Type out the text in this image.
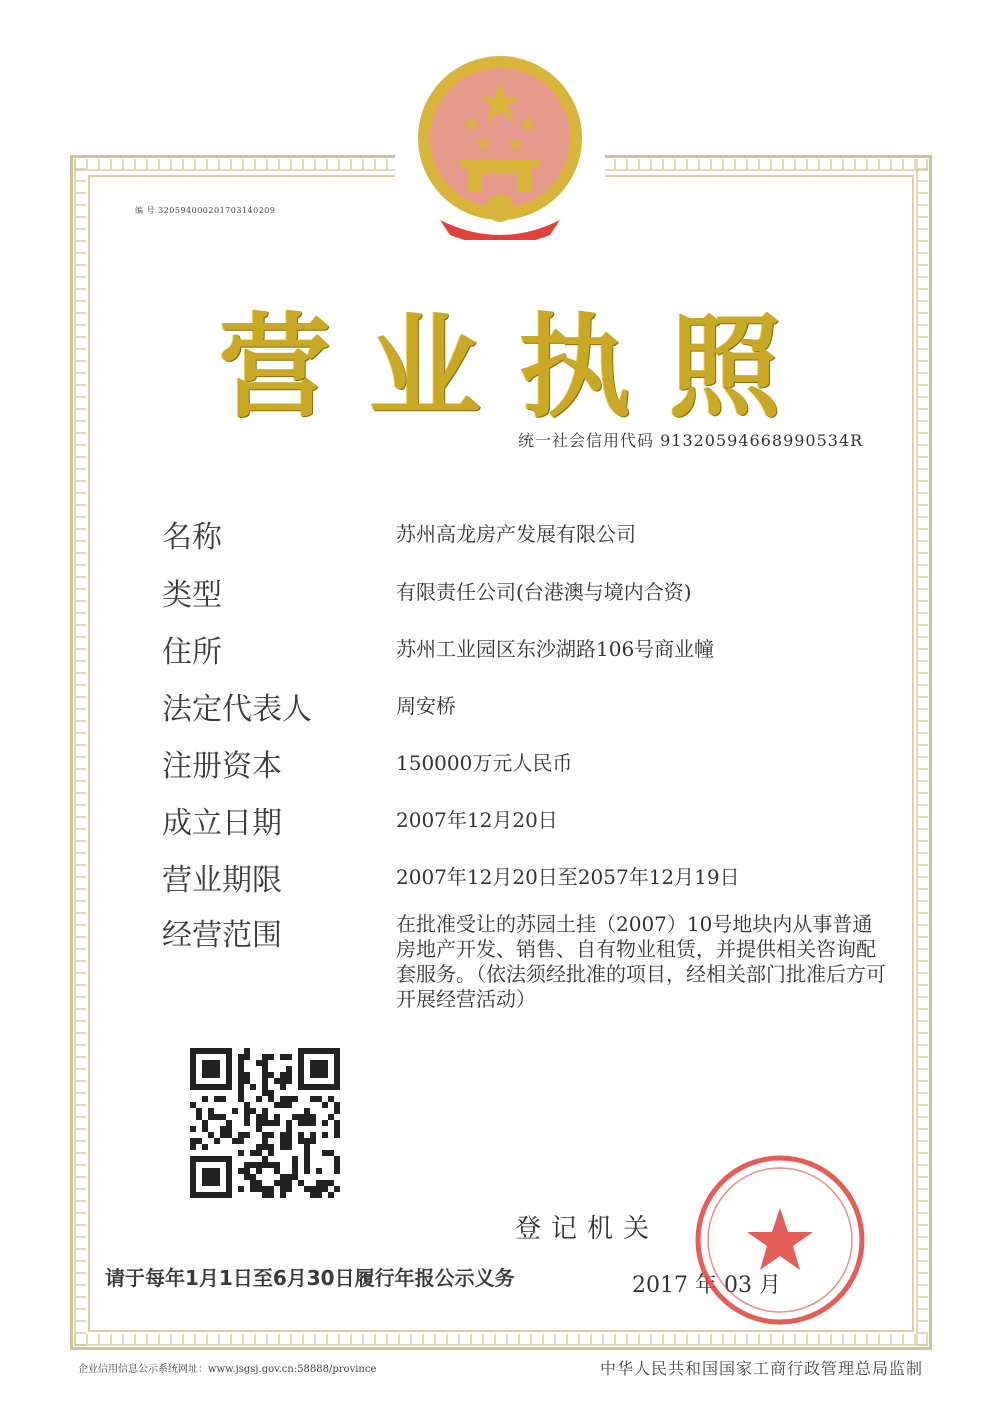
编 号 320594000201703140209
营业执照
统一社会信用代码 91320594668990534R
名称	苏州高龙房产发展有限公司
类型	有限责任公司(台港澳与境内合资)
住所	苏州工业园区东沙湖路106号商业幢
法定代表人	周安桥
注册资本	150000万元人民币
成立日期	2007年12月20日
营业期限	2007年12月20日至2057年12月19日
经营范围	在批准受让的苏园土挂（2007）10号地块内从事普通房地产开发、销售、自有物业租赁，并提供相关咨询配套服务。（依法须经批准的项目，经相关部门批准后方可开展经营活动）
登记机关
请于每年1月1日至6月30日履行年报公示义务	2017 年 03 月
企业信用信息公示系统网址：www.jsgsj.gov.cn:58888/province	中华人民共和国国家工商行政管理总局监制
